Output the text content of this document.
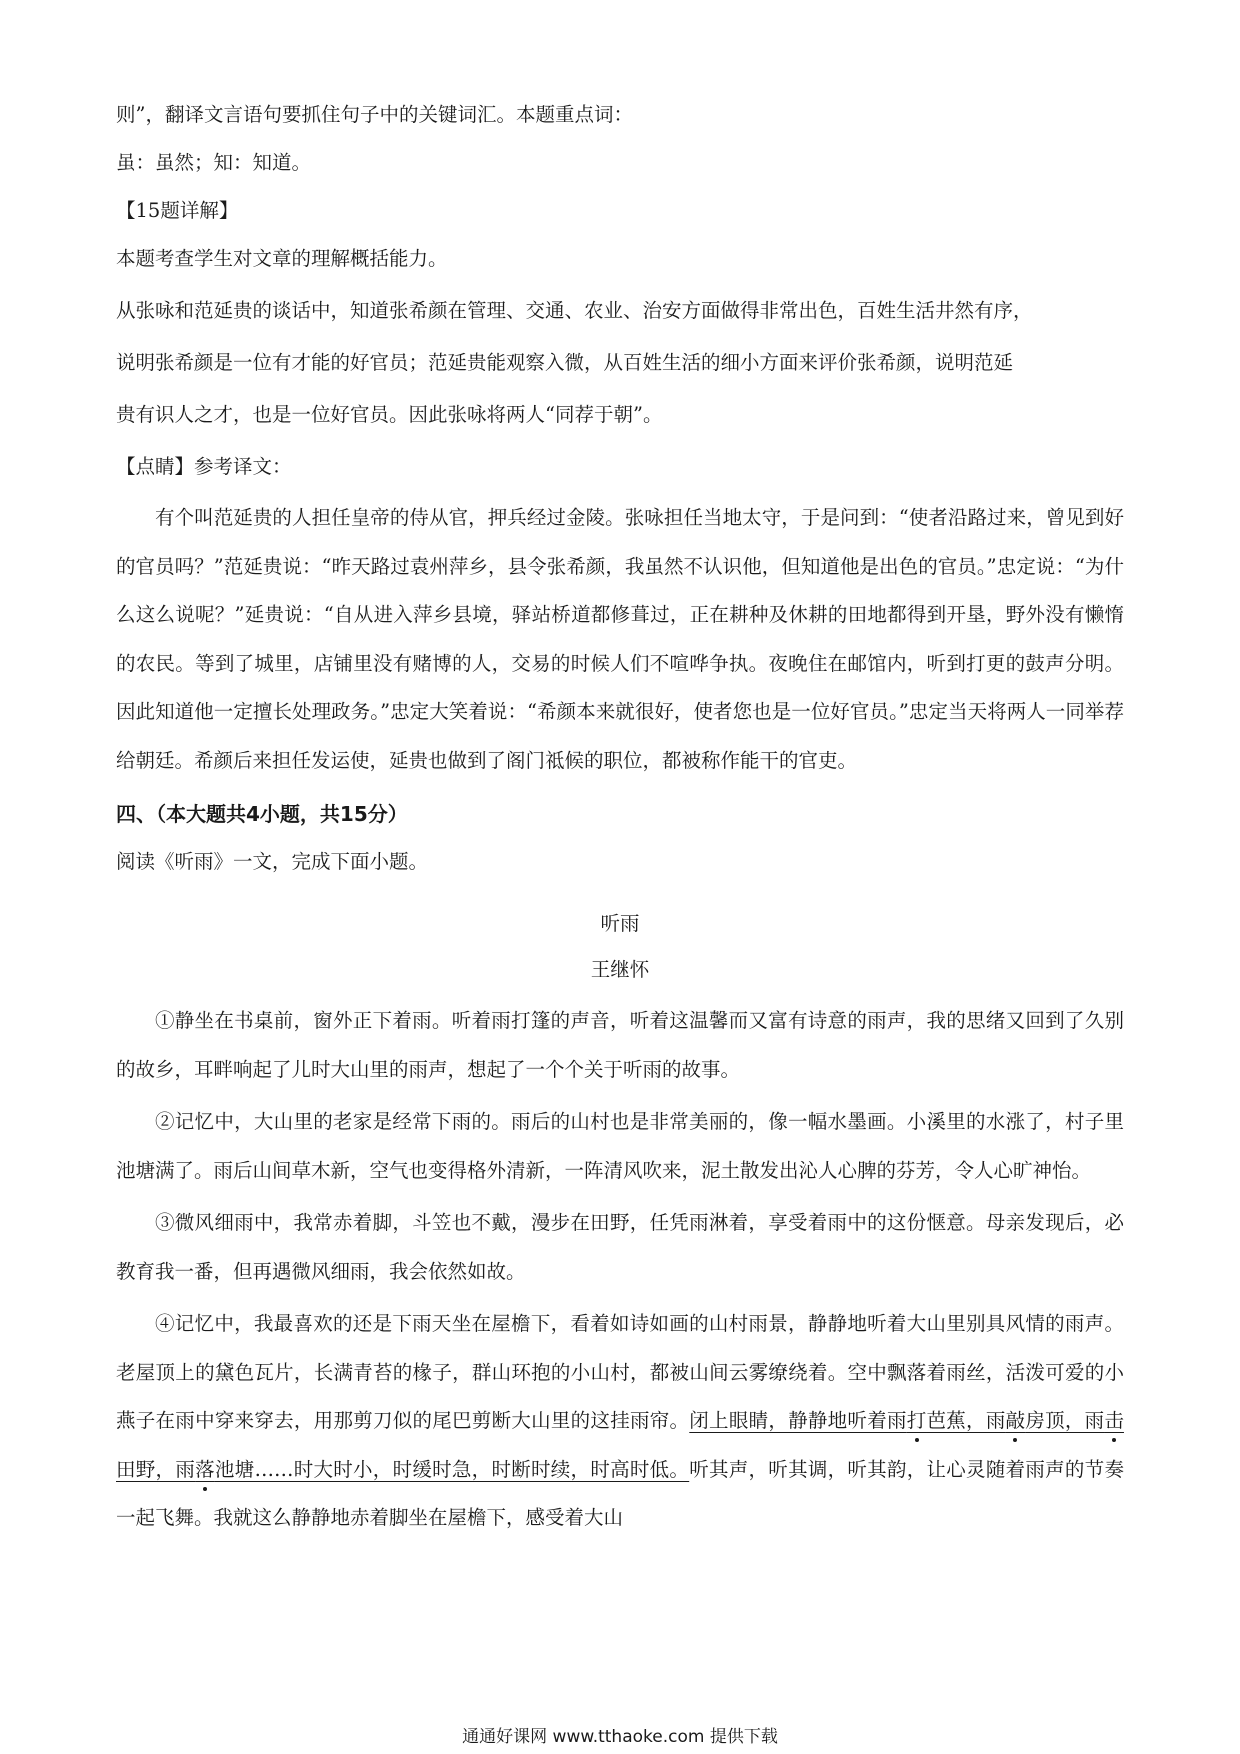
则”，翻译文言语句要抓住句子中的关键词汇。本题重点词：

虽：虽然；知：知道。

【15题详解】

本题考查学生对文章的理解概括能力。

从张咏和范延贵的谈话中，知道张希颜在管理、交通、农业、治安方面做得非常出色，百姓生活井然有序，

说明张希颜是一位有才能的好官员；范延贵能观察入微，从百姓生活的细小方面来评价张希颜，说明范延

贵有识人之才，也是一位好官员。因此张咏将两人“同荐于朝”。

【点睛】参考译文：

有个叫范延贵的人担任皇帝的侍从官，押兵经过金陵。张咏担任当地太守，于是问到：“使者沿路过来，曾见到好的官员吗？”范延贵说：“昨天路过袁州萍乡，县令张希颜，我虽然不认识他，但知道他是出色的官员。”忠定说：“为什么这么说呢？”延贵说：“自从进入萍乡县境，驿站桥道都修葺过，正在耕种及休耕的田地都得到开垦，野外没有懒惰的农民。等到了城里，店铺里没有赌博的人，交易的时候人们不喧哗争执。夜晚住在邮馆内，听到打更的鼓声分明。因此知道他一定擅长处理政务。”忠定大笑着说：“希颜本来就很好，使者您也是一位好官员。”忠定当天将两人一同举荐给朝廷。希颜后来担任发运使，延贵也做到了阁门祗候的职位，都被称作能干的官吏。

四、（本大题共4小题，共15分）

阅读《听雨》一文，完成下面小题。

听雨

王继怀

①静坐在书桌前，窗外正下着雨。听着雨打篷的声音，听着这温馨而又富有诗意的雨声，我的思绪又回到了久别的故乡，耳畔响起了儿时大山里的雨声，想起了一个个关于听雨的故事。

②记忆中，大山里的老家是经常下雨的。雨后的山村也是非常美丽的，像一幅水墨画。小溪里的水涨了，村子里池塘满了。雨后山间草木新，空气也变得格外清新，一阵清风吹来，泥土散发出沁人心脾的芬芳，令人心旷神怡。

③微风细雨中，我常赤着脚，斗笠也不戴，漫步在田野，任凭雨淋着，享受着雨中的这份惬意。母亲发现后，必教育我一番，但再遇微风细雨，我会依然如故。

④记忆中，我最喜欢的还是下雨天坐在屋檐下，看着如诗如画的山村雨景，静静地听着大山里别具风情的雨声。老屋顶上的黛色瓦片，长满青苔的椽子，群山环抱的小山村，都被山间云雾缭绕着。空中飘落着雨丝，活泼可爱的小燕子在雨中穿来穿去，用那剪刀似的尾巴剪断大山里的这挂雨帘。闭上眼睛，静静地听着雨打芭蕉，雨敲房顶，雨击田野，雨落池塘……时大时小，时缓时急，时断时续，时高时低。听其声，听其调，听其韵，让心灵随着雨声的节奏一起飞舞。我就这么静静地赤着脚坐在屋檐下，感受着大山

通通好课网 www.tthaoke.com 提供下载
